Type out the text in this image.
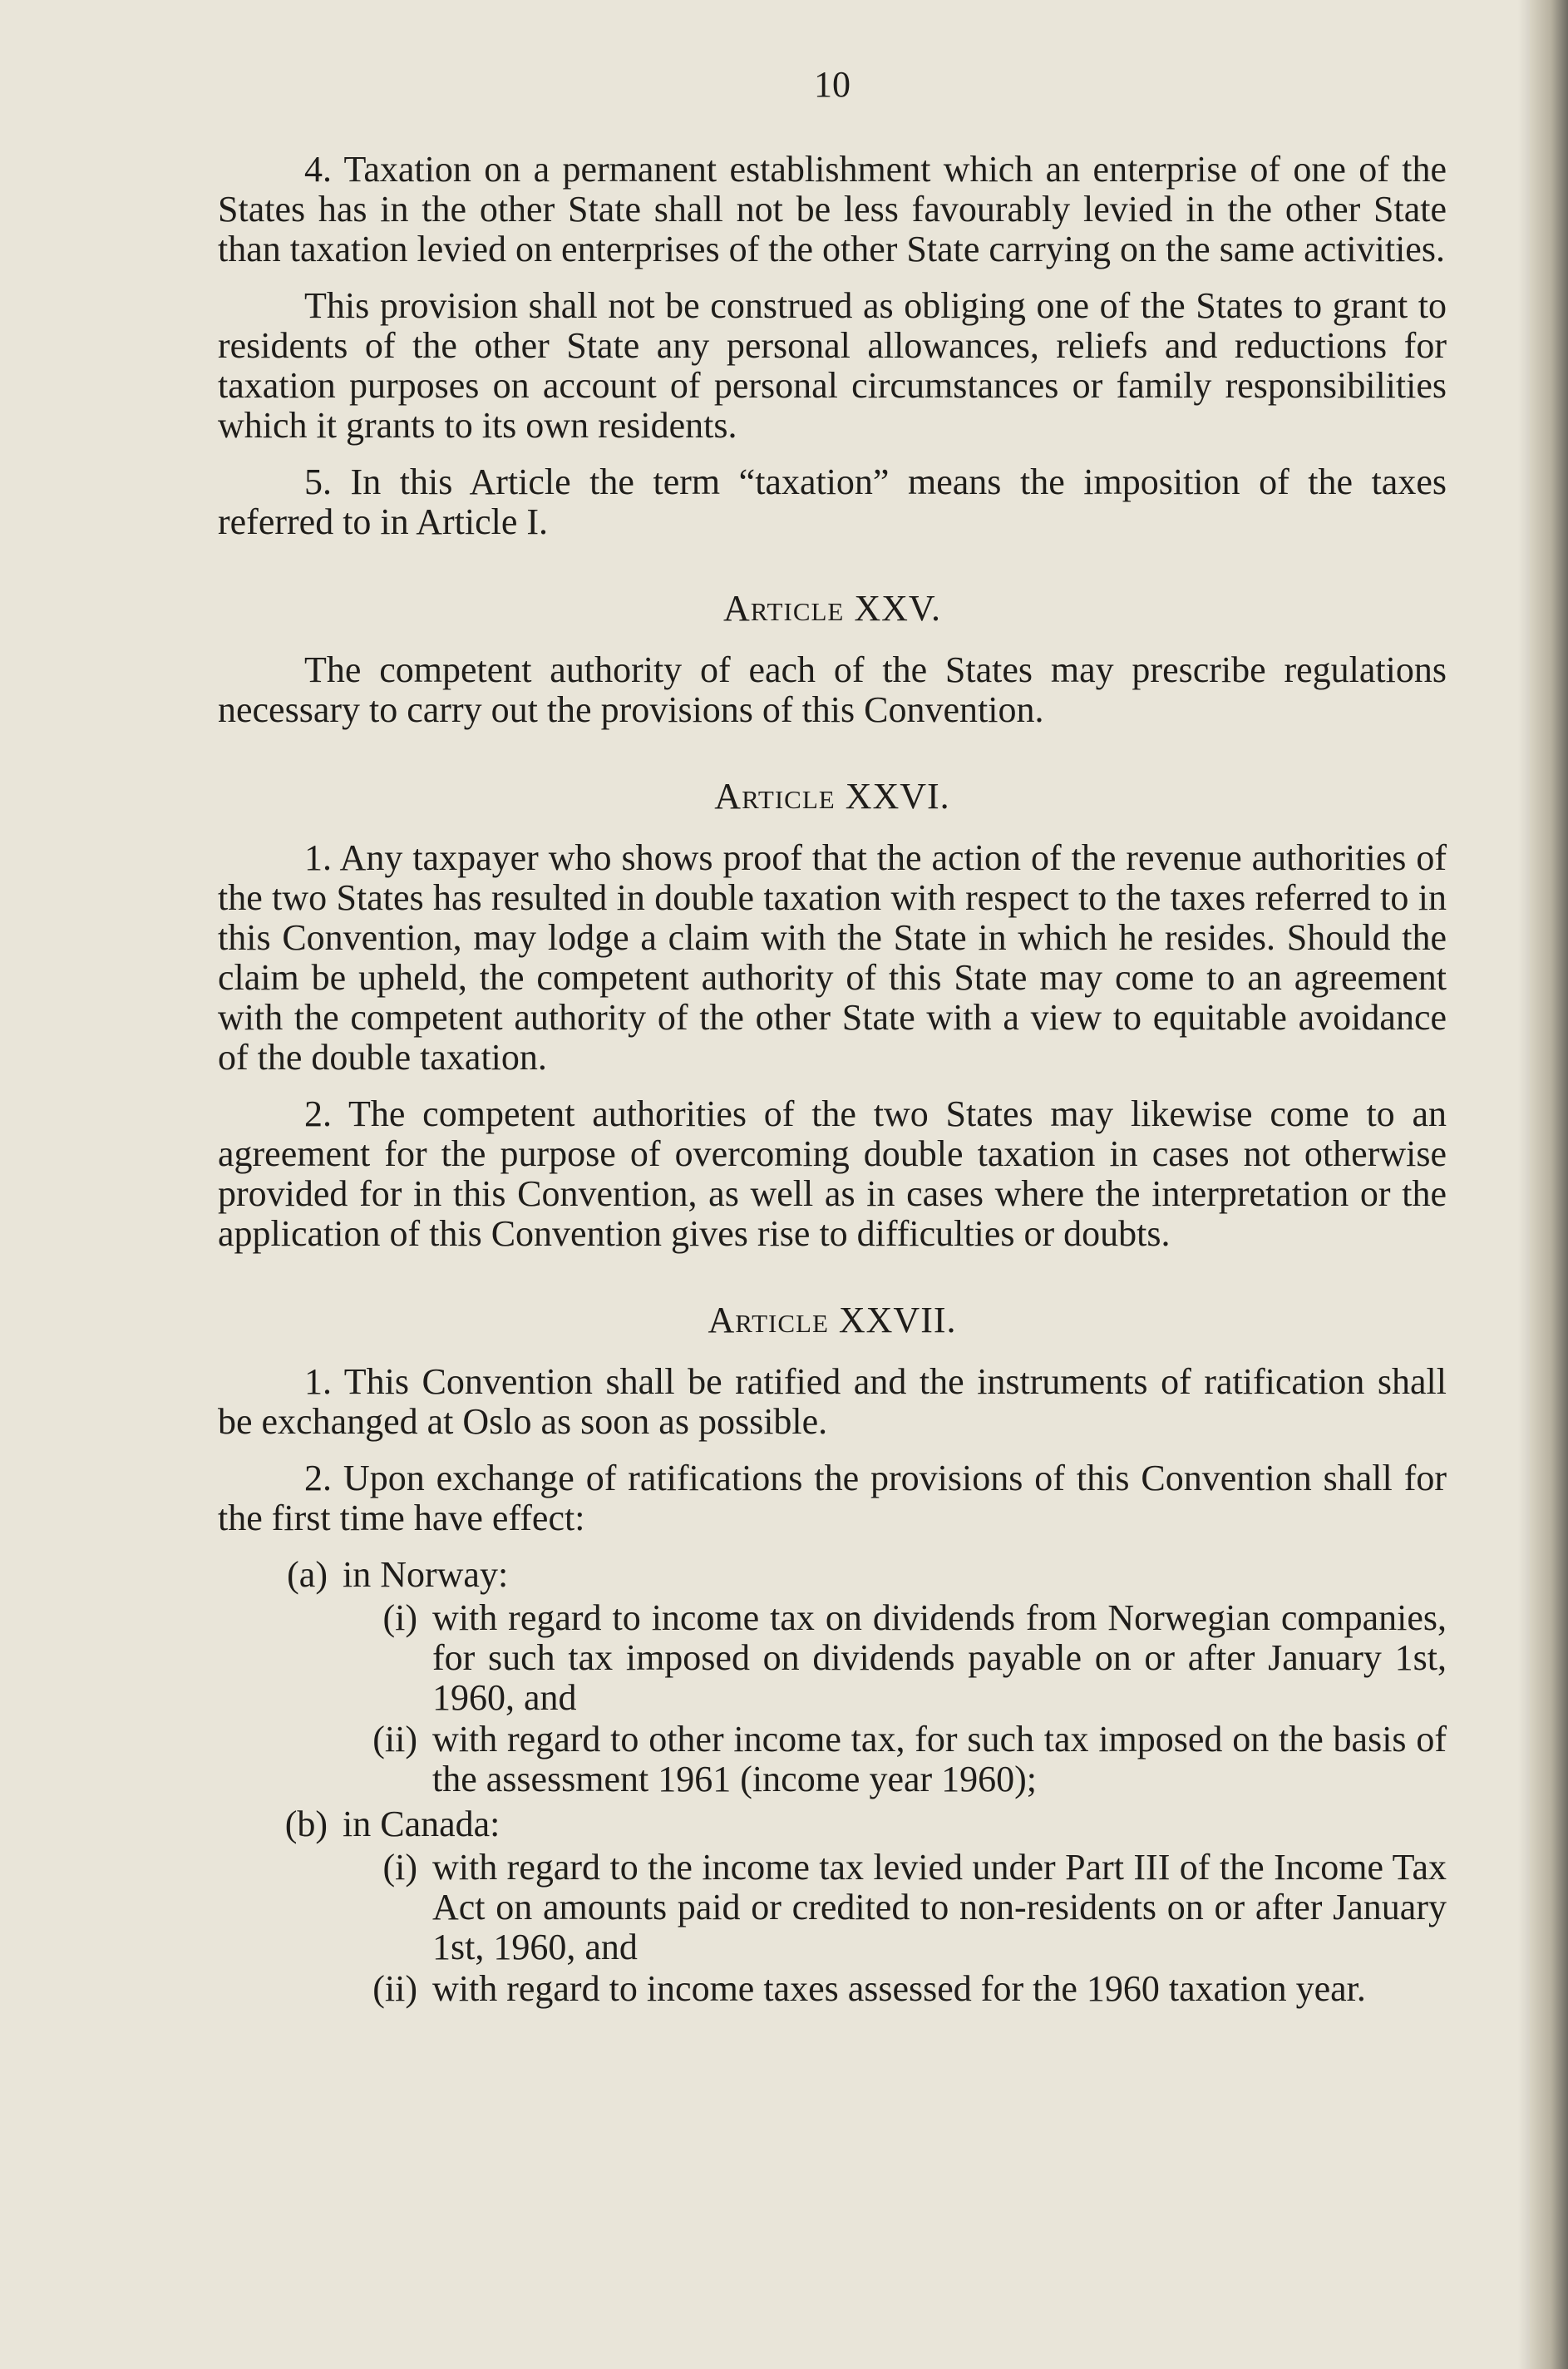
10

4. Taxation on a permanent establishment which an enterprise of one of the States has in the other State shall not be less favourably levied in the other State than taxation levied on enterprises of the other State carrying on the same activities.

This provision shall not be construed as obliging one of the States to grant to residents of the other State any personal allowances, reliefs and reductions for taxation purposes on account of personal circumstances or family responsibilities which it grants to its own residents.

5. In this Article the term “taxation” means the imposition of the taxes referred to in Article I.

Article XXV.

The competent authority of each of the States may prescribe regulations necessary to carry out the provisions of this Convention.

Article XXVI.

1. Any taxpayer who shows proof that the action of the revenue authorities of the two States has resulted in double taxation with respect to the taxes referred to in this Convention, may lodge a claim with the State in which he resides. Should the claim be upheld, the competent authority of this State may come to an agreement with the competent authority of the other State with a view to equitable avoidance of the double taxation.

2. The competent authorities of the two States may likewise come to an agreement for the purpose of overcoming double taxation in cases not otherwise provided for in this Convention, as well as in cases where the interpretation or the application of this Convention gives rise to difficulties or doubts.

Article XXVII.

1. This Convention shall be ratified and the instruments of ratification shall be exchanged at Oslo as soon as possible.

2. Upon exchange of ratifications the provisions of this Convention shall for the first time have effect:

(a) in Norway:
(i) with regard to income tax on dividends from Norwegian companies, for such tax imposed on dividends payable on or after January 1st, 1960, and
(ii) with regard to other income tax, for such tax imposed on the basis of the assessment 1961 (income year 1960);
(b) in Canada:
(i) with regard to the income tax levied under Part III of the Income Tax Act on amounts paid or credited to non-residents on or after January 1st, 1960, and
(ii) with regard to income taxes assessed for the 1960 taxation year.
